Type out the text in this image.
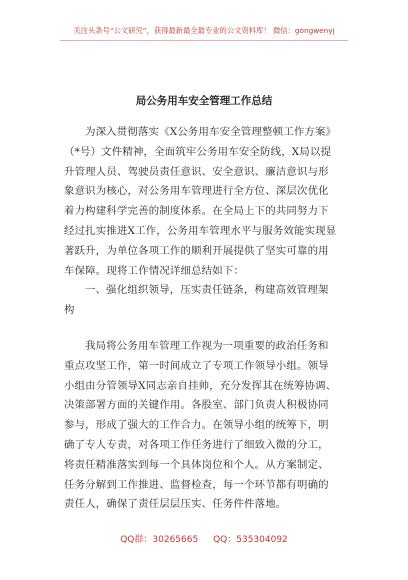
关注头条号“公文研究”，获得最新最全最专业的公文资料库！ 微信：gongwenyj
局公务用车安全管理工作总结
为深入贯彻落实《X公务用车安全管理整顿工作方案》
（*号）文件精神，全面筑牢公务用车安全防线，X局以提
升管理人员、驾驶员责任意识、安全意识、廉洁意识与形
象意识为核心，对公务用车管理进行全方位、深层次优化
着力构建科学完善的制度体系。在全局上下的共同努力下
经过扎实推进X工作，公务用车管理水平与服务效能实现显
著跃升，为单位各项工作的顺利开展提供了坚实可靠的用
车保障。现将工作情况详细总结如下：
一、强化组织领导，压实责任链条，构建高效管理架
构
我局将公务用车管理工作视为一项重要的政治任务和
重点攻坚工作，第一时间成立了专项工作领导小组。领导
小组由分管领导X同志亲自挂帅，充分发挥其在统筹协调、
决策部署方面的关键作用。各股室、部门负责人积极协同
参与，形成了强大的工作合力。在领导小组的统筹下，明
确了专人专责，对各项工作任务进行了细致入微的分工，
将责任精准落实到每一个具体岗位和个人。从方案制定、
任务分解到工作推进、监督检查，每一个环节都有明确的
责任人，确保了责任层层压实、任务件件落地。
QQ群：30265665 QQ：535304092
